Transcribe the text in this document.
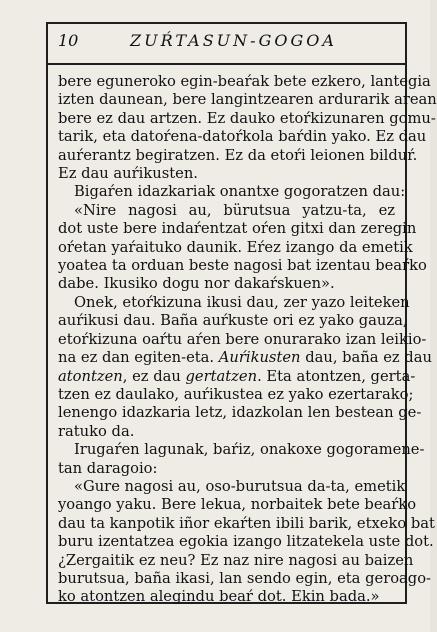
10	ZUŔTASUN-GOGOA
bere eguneroko egin-beaŕak bete ezkero, lantegia
izten daunean, bere langintzearen ardurarik arean
bere ez dau artzen. Ez dauko etoŕkizunaren gomu-
tarik, eta datoŕena-datoŕkola baŕdin yako. Ez dau
auŕerantz begiratzen. Ez da etoŕi leionen bilduŕ.
Ez dau auŕikusten.
Bigaŕen idazkariak onantxe gogoratzen dau:
«Nire nagosi au, bürutsua yatzu-ta, ez
dot uste bere indaŕentzat oŕen gitxi dan zeregin
oŕetan yaŕaituko daunik. Eŕez izango da emetik
yoatea ta orduan beste nagosi bat izentau beaŕko
dabe. Ikusiko dogu nor dakaŕskuen».
Onek, etoŕkizuna ikusi dau, zer yazo leiteken
auŕikusi dau. Baña auŕkuste ori ez yako gauza,
etoŕkizuna oaŕtu aŕen bere onurarako izan leikio-
na ez dan egiten-eta. Auŕikusten dau, baña ez dau
atontzen, ez dau gertatzen. Eta atontzen, gerta-
tzen ez daulako, auŕikustea ez yako ezertarako;
lenengo idazkaria letz, idazkolan len bestean ge-
ratuko da.
Irugaŕen lagunak, baŕiz, onakoxe gogoramene-
tan daragoio:
«Gure nagosi au, oso-burutsua da-ta, emetik
yoango yaku. Bere lekua, norbaitek bete beaŕko
dau ta kanpotik iñor ekaŕten ibili barik, etxeko bat
buru izentatzea egokia izango litzatekela uste dot.
¿Zergaitik ez neu? Ez naz nire nagosi au baizen
burutsua, baña ikasi, lan sendo egin, eta geroago-
ko atontzen alegindu beaŕ dot. Ekin bada.»
